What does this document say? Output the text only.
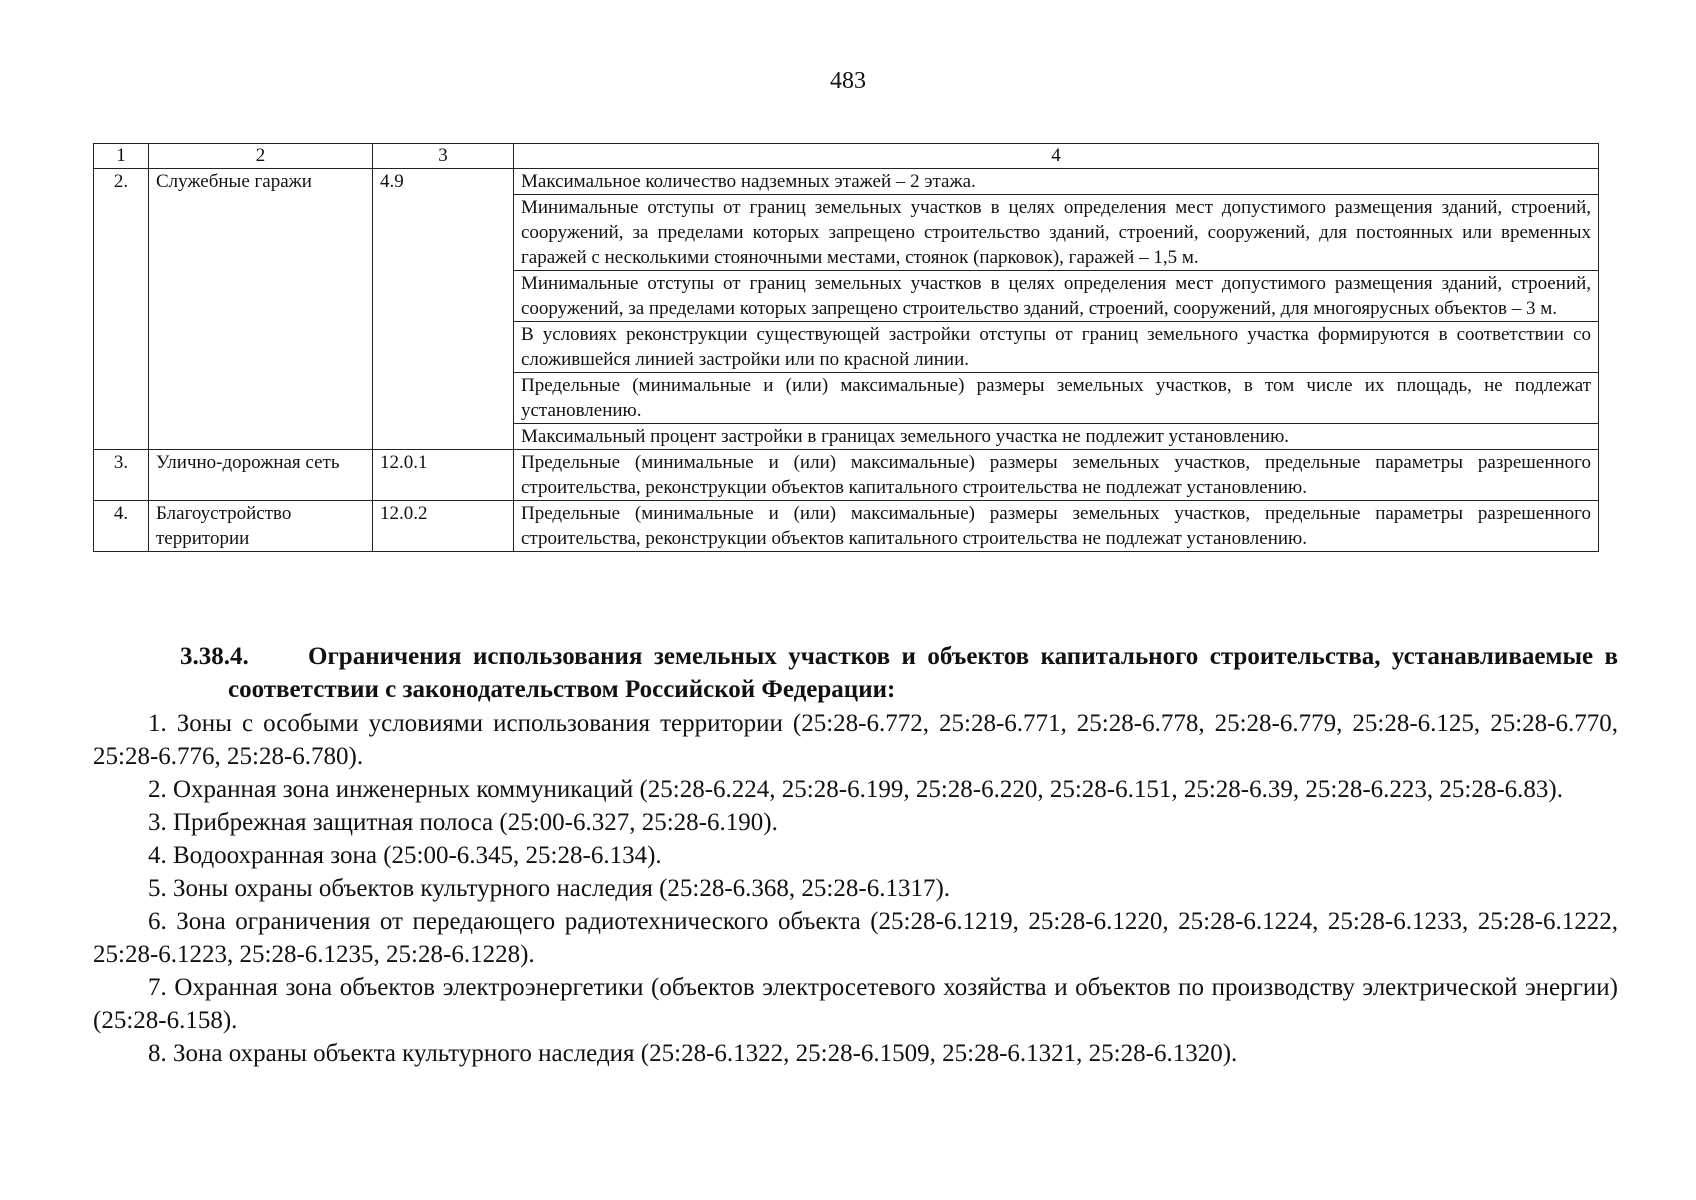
483
1	2	3	4
2.	Служебные гаражи	4.9	Максимальное количество надземных этажей – 2 этажа.
			Минимальные отступы от границ земельных участков в целях определения мест допустимого размещения зданий, строений, сооружений, за пределами которых запрещено строительство зданий, строений, сооружений, для постоянных или временных гаражей с несколькими стояночными местами, стоянок (парковок), гаражей – 1,5 м.
			Минимальные отступы от границ земельных участков в целях определения мест допустимого размещения зданий, строений, сооружений, за пределами которых запрещено строительство зданий, строений, сооружений, для многоярусных объектов – 3 м.
			В условиях реконструкции существующей застройки отступы от границ земельного участка формируются в соответствии со сложившейся линией застройки или по красной линии.
			Предельные (минимальные и (или) максимальные) размеры земельных участков, в том числе их площадь, не подлежат установлению.
			Максимальный процент застройки в границах земельного участка не подлежит установлению.
3.	Улично-дорожная сеть	12.0.1	Предельные (минимальные и (или) максимальные) размеры земельных участков, предельные параметры разрешенного строительства, реконструкции объектов капитального строительства не подлежат установлению.
4.	Благоустройство территории	12.0.2	Предельные (минимальные и (или) максимальные) размеры земельных участков, предельные параметры разрешенного строительства, реконструкции объектов капитального строительства не подлежат установлению.

3.38.4. Ограничения использования земельных участков и объектов капитального строительства, устанавливаемые в соответствии с законодательством Российской Федерации:

1. Зоны с особыми условиями использования территории (25:28-6.772, 25:28-6.771, 25:28-6.778, 25:28-6.779, 25:28-6.125, 25:28-6.770, 25:28-6.776, 25:28-6.780).

2. Охранная зона инженерных коммуникаций (25:28-6.224, 25:28-6.199, 25:28-6.220, 25:28-6.151, 25:28-6.39, 25:28-6.223, 25:28-6.83).

3. Прибрежная защитная полоса (25:00-6.327, 25:28-6.190).

4. Водоохранная зона (25:00-6.345, 25:28-6.134).

5. Зоны охраны объектов культурного наследия (25:28-6.368, 25:28-6.1317).

6. Зона ограничения от передающего радиотехнического объекта (25:28-6.1219, 25:28-6.1220, 25:28-6.1224, 25:28-6.1233, 25:28-6.1222, 25:28-6.1223, 25:28-6.1235, 25:28-6.1228).

7. Охранная зона объектов электроэнергетики (объектов электросетевого хозяйства и объектов по производству электрической энергии) (25:28-6.158).

8. Зона охраны объекта культурного наследия (25:28-6.1322, 25:28-6.1509, 25:28-6.1321, 25:28-6.1320).
